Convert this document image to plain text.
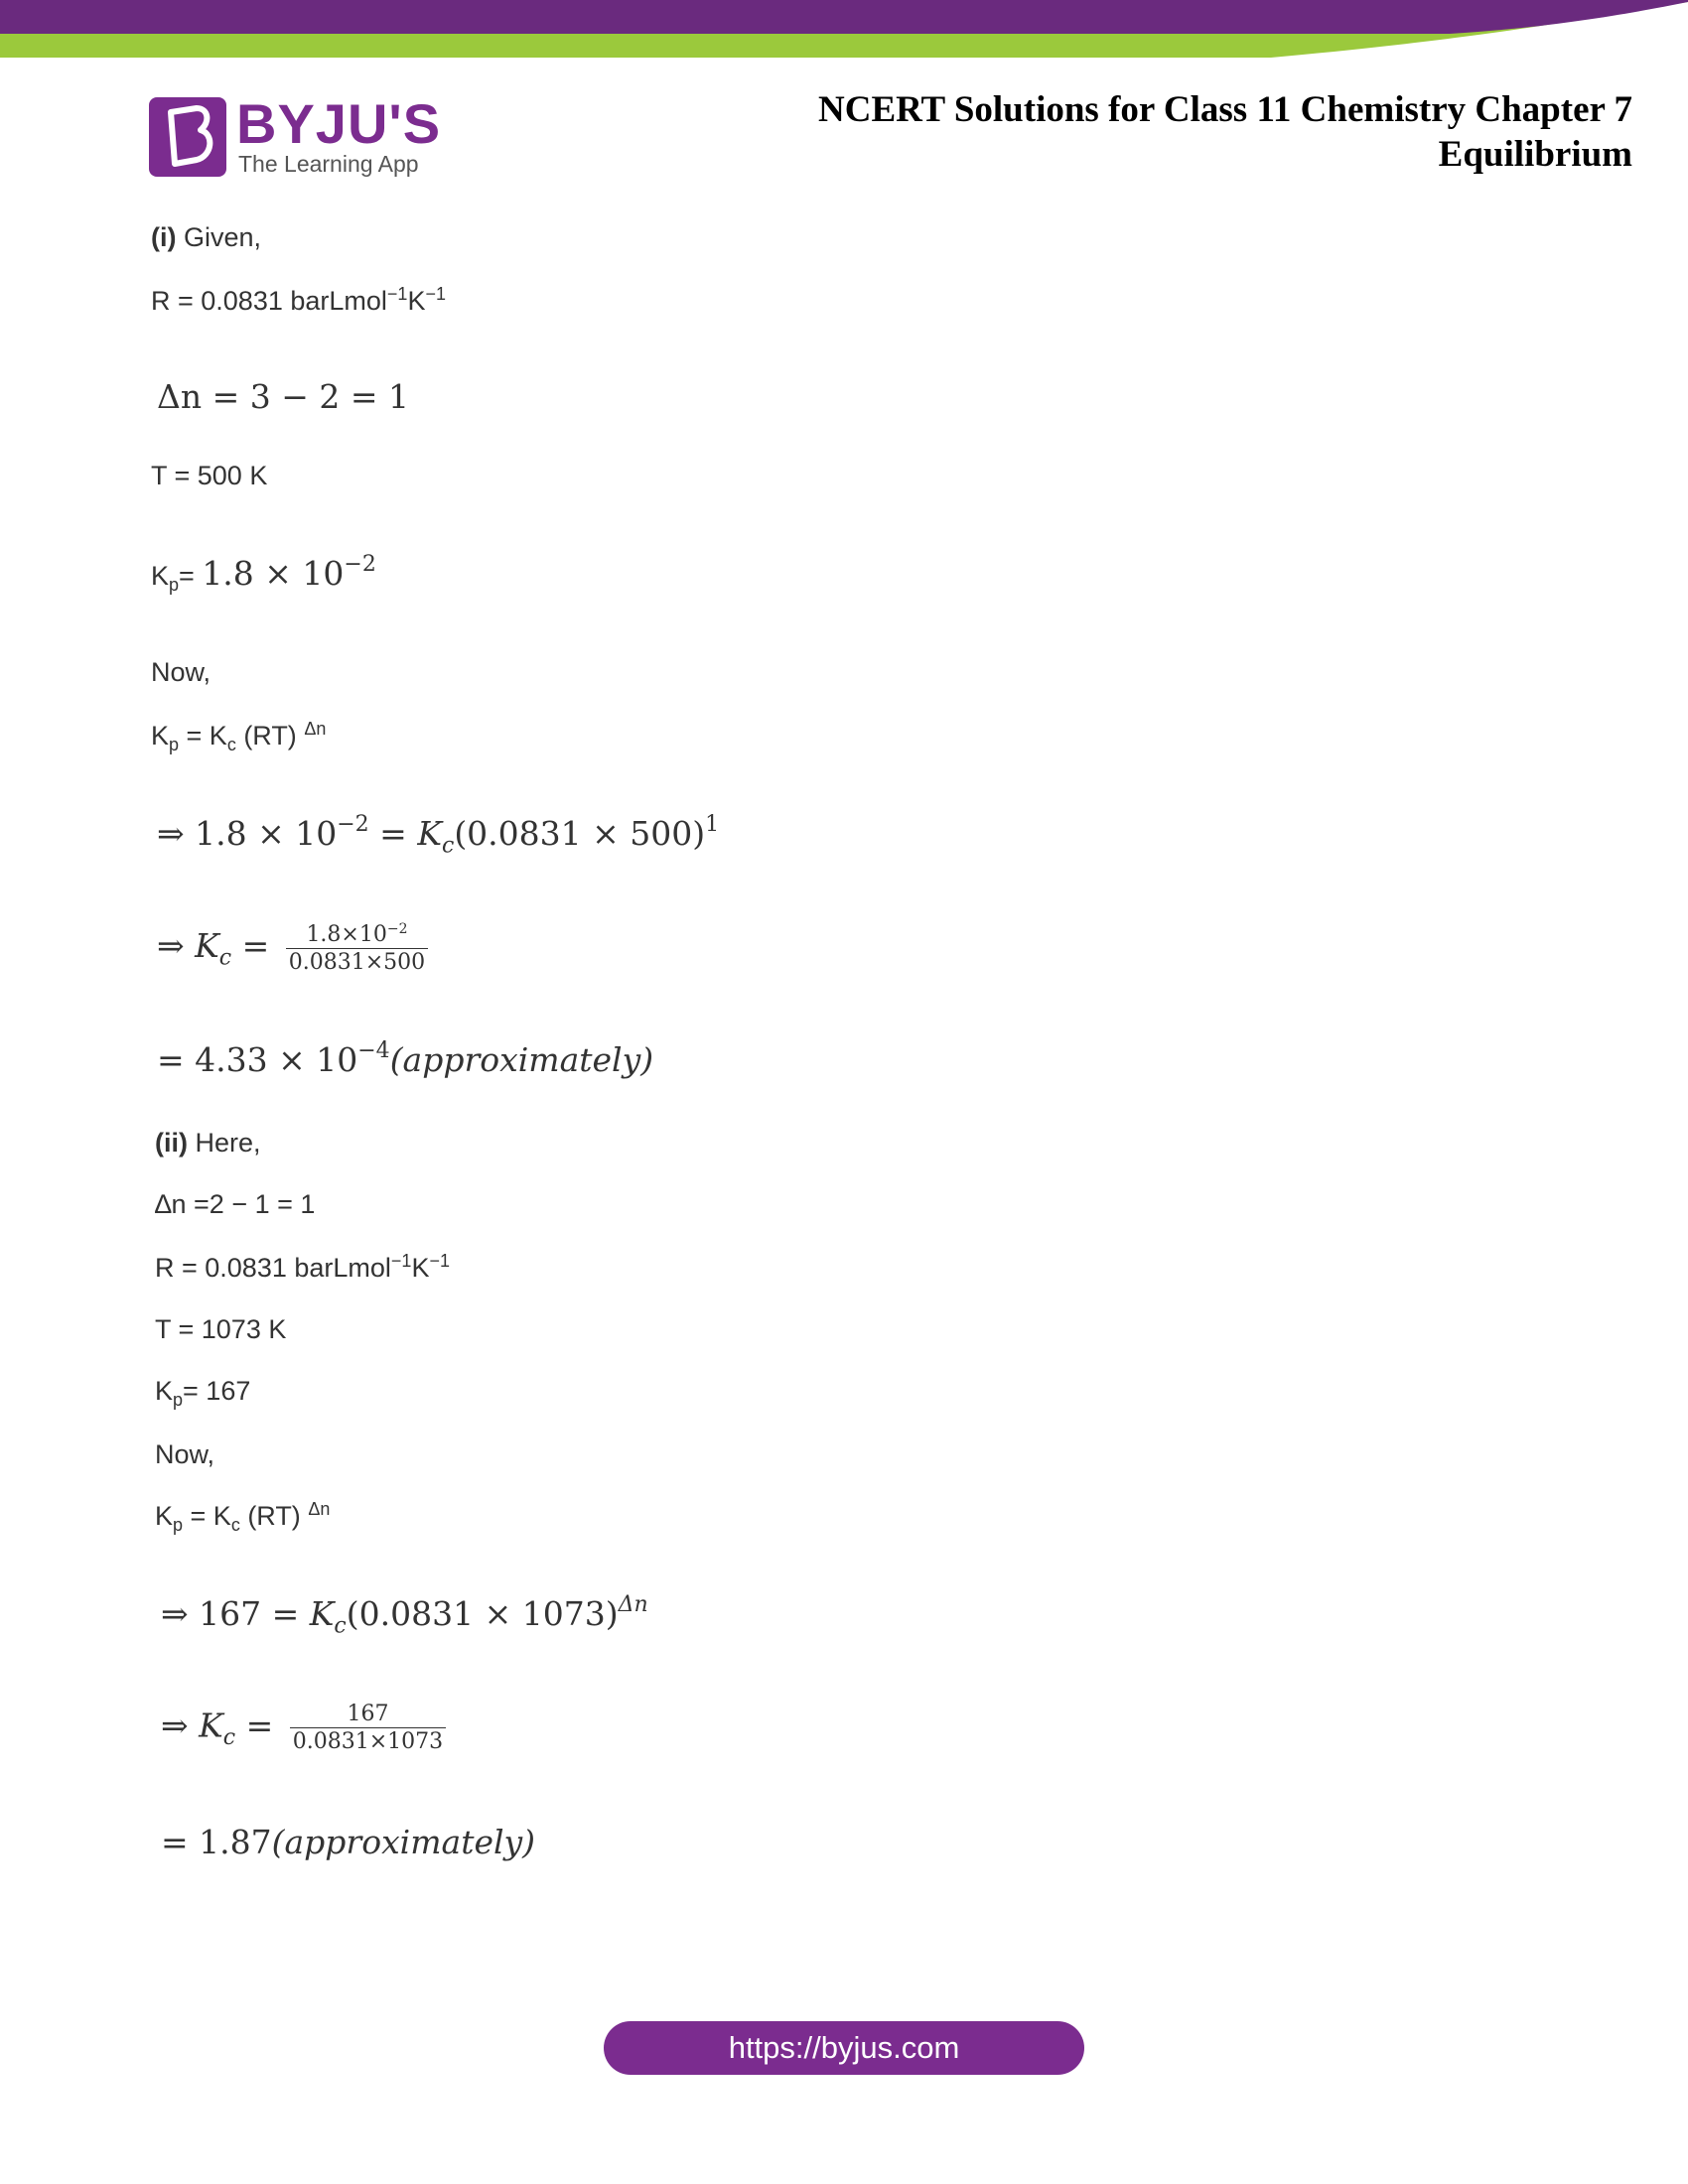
BYJU'S
The Learning App
NCERT Solutions for Class 11 Chemistry Chapter 7
Equilibrium
(i) Given,
R = 0.0831 $barLmol^{-1}K^{-1}$
Δn = 3 − 2 = 1
T = 500 K
$K_p= 1.8 \times 10^{-2}$
Now,
$K_p = K_c$ (RT) $^{\Delta n}$
⇒ $1.8 \times 10^{-2} = K_c(0.0831 \times 500)^1$
⇒ $K_c = \frac{1.8\times 10^{-2}}{0.0831\times 500}$
= $4.33 \times 10^{-4}(approximately)$
(ii) Here,
∆n =2 − 1 = 1
R = 0.0831 $barLmol^{-1}K^{-1}$
T = 1073 K
$K_p= 167$
Now,
$K_p = K_c$ (RT) $^{\Delta n}$
⇒ $167 = K_c(0.0831 \times 1073)^{\Delta n}$
⇒ $K_c = \frac{167}{0.0831\times 1073}$
= 1.87(approximately)
https://byjus.com
